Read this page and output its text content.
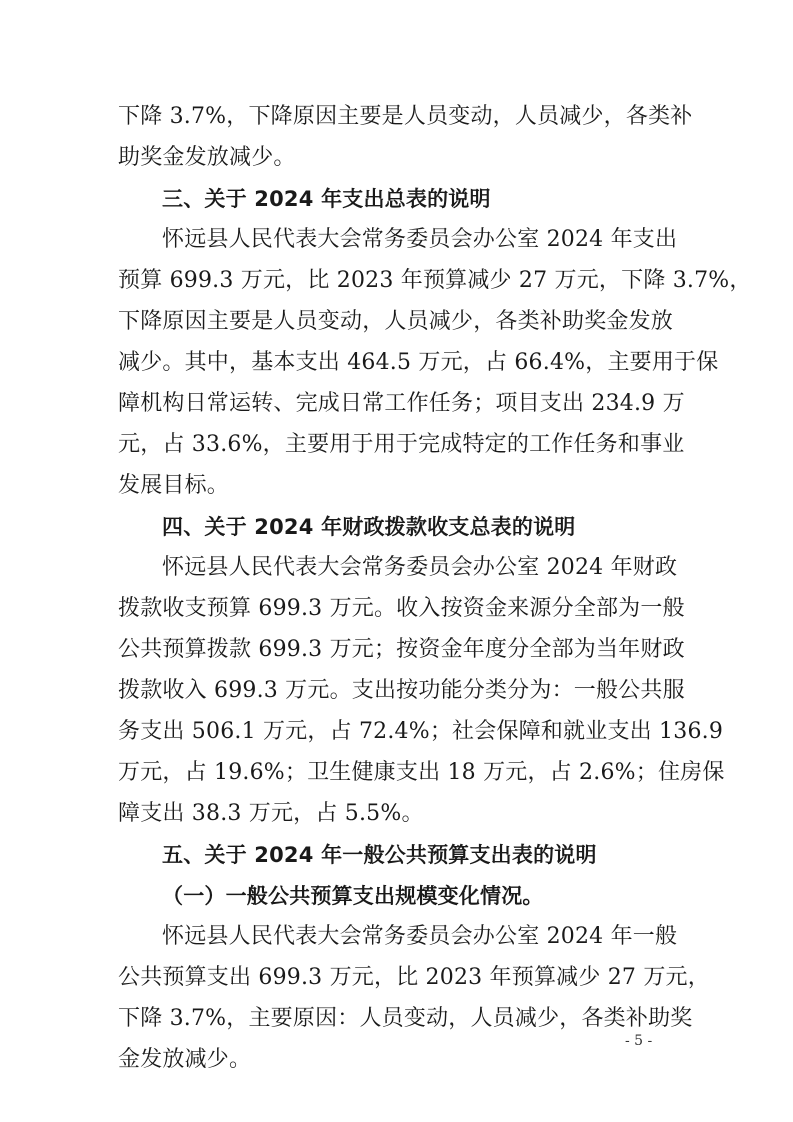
下降 3.7%，下降原因主要是人员变动，人员减少，各类补
助奖金发放减少。
三、关于 2024 年支出总表的说明
怀远县人民代表大会常务委员会办公室 2024 年支出
预算 699.3 万元，比 2023 年预算减少 27 万元，下降 3.7%，
下降原因主要是人员变动，人员减少，各类补助奖金发放
减少。其中，基本支出 464.5 万元，占 66.4%，主要用于保
障机构日常运转、完成日常工作任务；项目支出 234.9 万
元，占 33.6%，主要用于用于完成特定的工作任务和事业
发展目标。
四、关于 2024 年财政拨款收支总表的说明
怀远县人民代表大会常务委员会办公室 2024 年财政
拨款收支预算 699.3 万元。收入按资金来源分全部为一般
公共预算拨款 699.3 万元；按资金年度分全部为当年财政
拨款收入 699.3 万元。支出按功能分类分为：一般公共服
务支出 506.1 万元，占 72.4%；社会保障和就业支出 136.9
万元，占 19.6%；卫生健康支出 18 万元，占 2.6%；住房保
障支出 38.3 万元，占 5.5%。
五、关于 2024 年一般公共预算支出表的说明
（一）一般公共预算支出规模变化情况。
怀远县人民代表大会常务委员会办公室 2024 年一般
公共预算支出 699.3 万元，比 2023 年预算减少 27 万元，
下降 3.7%，主要原因：人员变动，人员减少，各类补助奖
金发放减少。
- 5 -
